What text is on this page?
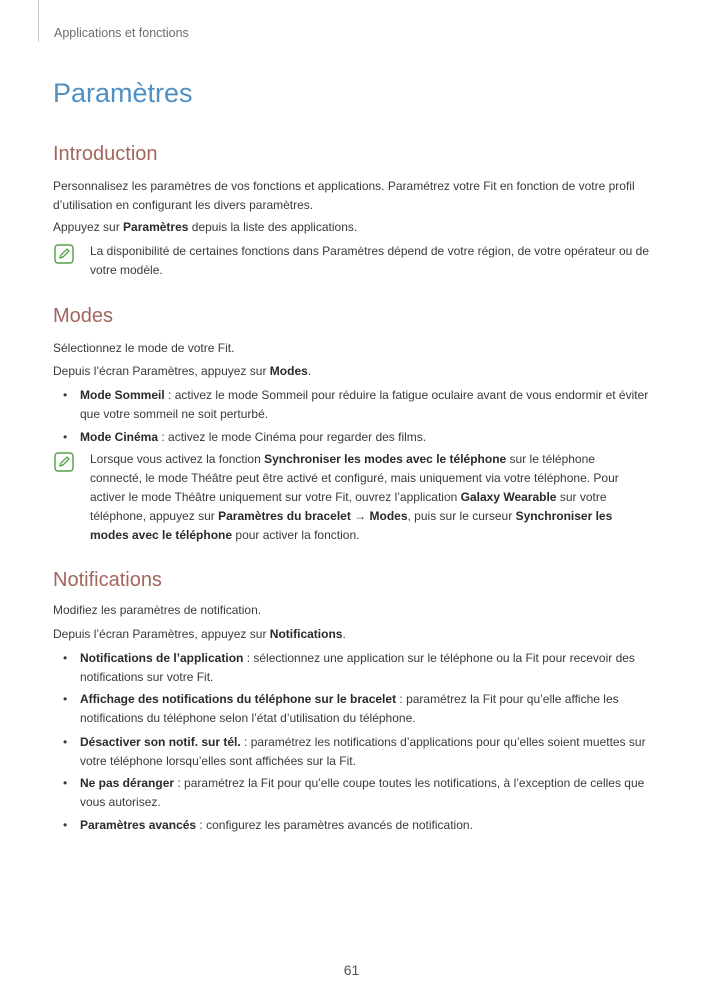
Applications et fonctions
Paramètres
Introduction

Personnalisez les paramètres de vos fonctions et applications. Paramétrez votre Fit en fonction de votre profil d’utilisation en configurant les divers paramètres.

Appuyez sur Paramètres depuis la liste des applications.

La disponibilité de certaines fonctions dans Paramètres dépend de votre région, de votre opérateur ou de votre modèle.

Modes

Sélectionnez le mode de votre Fit.

Depuis l’écran Paramètres, appuyez sur Modes.

• Mode Sommeil : activez le mode Sommeil pour réduire la fatigue oculaire avant de vous endormir et éviter que votre sommeil ne soit perturbé.

• Mode Cinéma : activez le mode Cinéma pour regarder des films.

Lorsque vous activez la fonction Synchroniser les modes avec le téléphone sur le téléphone connecté, le mode Théâtre peut être activé et configuré, mais uniquement via votre téléphone. Pour activer le mode Théâtre uniquement sur votre Fit, ouvrez l’application Galaxy Wearable sur votre téléphone, appuyez sur Paramètres du bracelet → Modes, puis sur le curseur Synchroniser les modes avec le téléphone pour activer la fonction.

Notifications

Modifiez les paramètres de notification.

Depuis l’écran Paramètres, appuyez sur Notifications.

• Notifications de l’application : sélectionnez une application sur le téléphone ou la Fit pour recevoir des notifications sur votre Fit.

• Affichage des notifications du téléphone sur le bracelet : paramétrez la Fit pour qu’elle affiche les notifications du téléphone selon l’état d’utilisation du téléphone.

• Désactiver son notif. sur tél. : paramétrez les notifications d’applications pour qu’elles soient muettes sur votre téléphone lorsqu’elles sont affichées sur la Fit.

• Ne pas déranger : paramétrez la Fit pour qu’elle coupe toutes les notifications, à l’exception de celles que vous autorisez.

• Paramètres avancés : configurez les paramètres avancés de notification.

61
